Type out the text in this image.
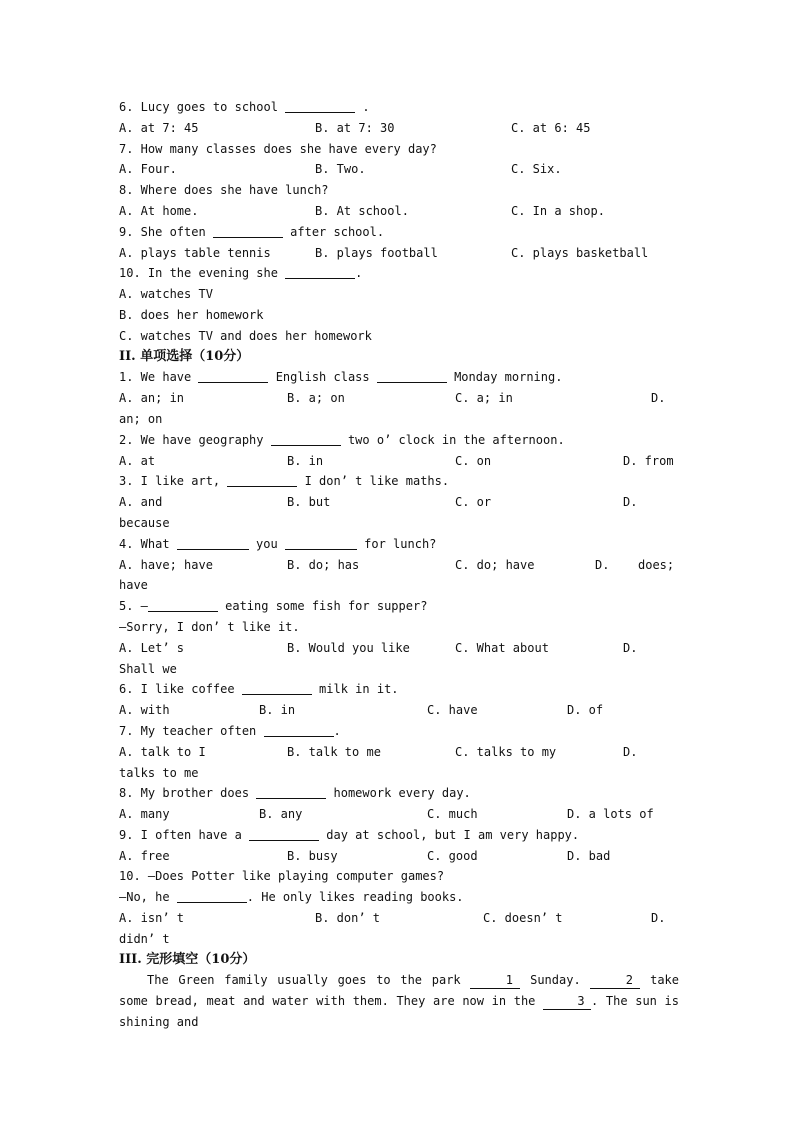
6. Lucy goes to school	.
A. at 7: 45	B. at 7: 30	C. at 6: 45
7. How many classes does she have every day?
A. Four.	B. Two.	C. Six.
8. Where does she have lunch?
A. At home.	B. At school.	C. In a shop.
9. She often	after school.
A. plays table tennis	B. plays football	C. plays basketball
10. In the evening she	.
A. watches TV
B. does her homework
C. watches TV and does her homework
II. 单项选择（10分）
1. We have	English class	Monday morning.
A. an; in	B. a; on	C. a; in	D.
an; on
2. We have geography	two o’ clock in the afternoon.
A. at	B. in	C. on	D. from
3. I like art,	I don’ t like maths.
A. and	B. but	C. or	D.
because
4. What	you	for lunch?
A. have; have	B. do; has	C. do; have	D. does;
have
5. —	eating some fish for supper?
—Sorry, I don’ t like it.
A. Let’ s	B. Would you like	C. What about	D.
Shall we
6. I like coffee	milk in it.
A. with	B. in	C. have	D. of
7. My teacher often	.
A. talk to I	B. talk to me	C. talks to my	D.
talks to me
8. My brother does	homework every day.
A. many	B. any	C. much	D. a lots of
9. I often have a	day at school, but I am very happy.
A. free	B. busy	C. good	D. bad
10. —Does Potter like playing computer games?
—No, he	. He only likes reading books.
A. isn’ t	B. don’ t	C. doesn’ t	D.
didn’ t
III. 完形填空（10分）
The Green family usually goes to the park	1 Sunday.	2 take some bread, meat and water with them. They are now in the	3 . The sun is shining and
